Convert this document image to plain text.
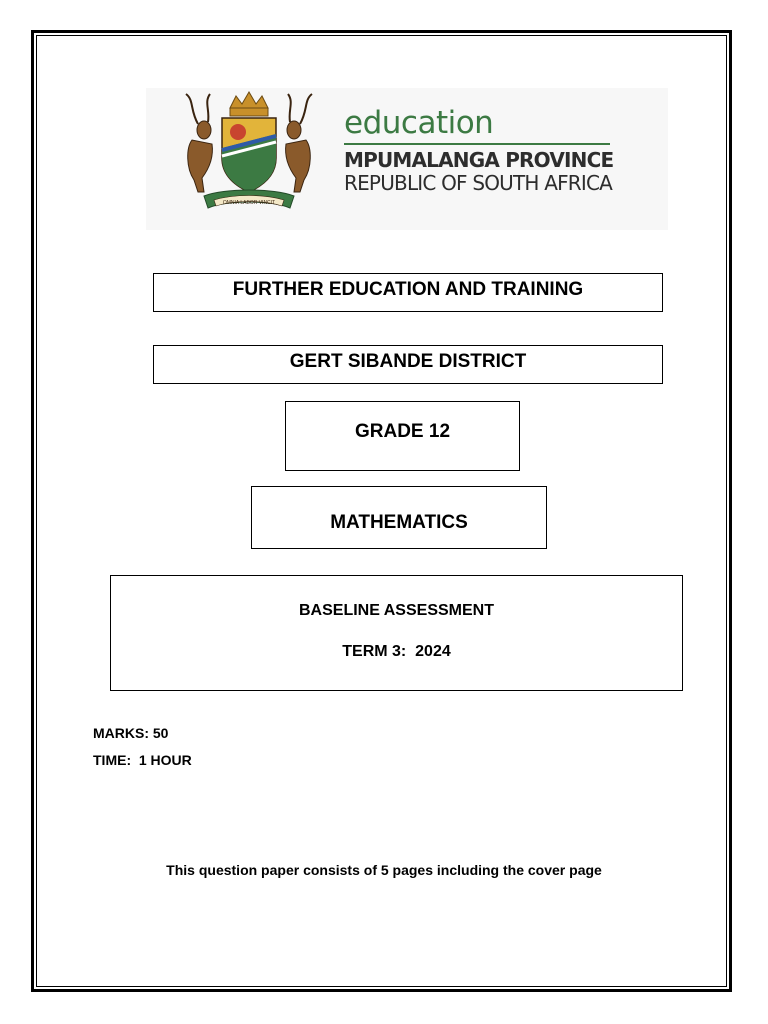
OMNIA LABOR VINCIT
education
MPUMALANGA PROVINCE
REPUBLIC OF SOUTH AFRICA
FURTHER EDUCATION AND TRAINING
GERT SIBANDE DISTRICT
GRADE 12
MATHEMATICS
BASELINE ASSESSMENT
TERM 3:  2024
MARKS: 50
TIME:  1 HOUR
This question paper consists of 5 pages including the cover page
